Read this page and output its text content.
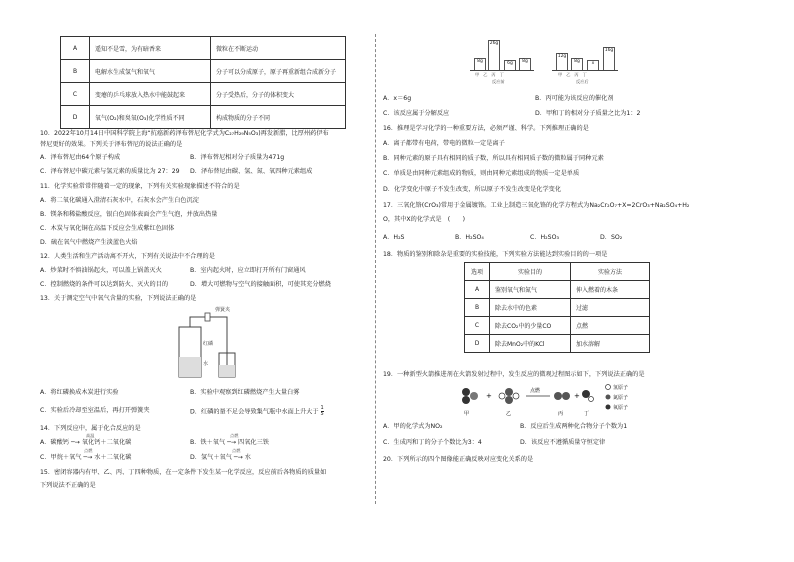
A	遥知不是雪，为有暗香来	微粒在不断运动
B	电解水生成氢气和氧气	分子可以分成原子，原子再重新组合成新分子
C	变瘪的乒乓球放入热水中能鼓起来	分子受热后，分子的体积变大
D	氧气(O₂)和臭氧(O₃)化学性质不同	构成物质的分子不同
10．2022年10月14日中国科学院上海“抗癌新药泽布替尼化学式为C₂₇H₂₉N₅O₃)再发新腊，比厚州药伊布
替尼更好的效果。下列关于泽布替尼的说法正确的是
A．泽布替尼由64个原子构成	B．泽布替尼相对分子质量为471g
C．泽布替尼中碳元素与氢元素的质量比为 27：29 D．泽布替尼由碳、氢、氮、氧四种元素组成
11．化学实验常常伴随着一定的现象，下列有关实验现象描述不符合的是
A．将二氧化碳通入澄清石灰水中，石灰水会产生白色沉淀
B．镁条和稀盐酸反应，银白色固体表面会产生气泡，并放出热量
C．木炭与氧化铜在高温下反应会生成紫红色固体
D．硫在氧气中燃烧产生淡蓝色火焰
12．人类生活和生产活动离不开火，下列有关说法中不合理的是
A．炒菜时不慎油锅起火，可以盖上锅盖灭火	B．室内起火时，应立即打开所有门窗通风
C．控制燃烧的条件可以达到防火、灭火的目的	D．增大可燃物与空气的接触面积，可使其充分燃烧
13．关于测定空气中氧气含量的实验，下列说法正确的是
弹簧夹
红磷
水
A．将红磷换成木炭进行实验	B．实验中观察到红磷燃烧产生大量白雾
C．实验后冷却至室温后，再打开弹簧夹	D．红磷的量不足会导致集气瓶中水面上升大于 $\frac{1}{5}$
14．下列反应中，属于化合反应的是
A．碳酸钙 ─→ 氧化钙＋二氧化碳
高温
B．铁＋氧气 ─→ 四氧化三铁
点燃
C．甲烷＋氧气 ─→ 水＋二氧化碳
点燃
D．氢气＋氧气 ─→ 水
点燃
15．密闭容器内有甲、乙、丙、丁四种物质，在一定条件下发生某一化学反应，反应前后各物质的质量如
下列说法不正确的是
8g
26g
6g	8g
甲 乙 丙 丁
反应前
12g
8g	x
16g
甲 乙 丙 丁
反应后
A．x＝6g	B．丙可能为该反应的催化剂
C．该反应属于分解反应	D．甲和丁的相对分子质量之比为1：2
16．推理是学习化学的一种重要方法，必须严谨、科学。下列推理正确的是
A．离子都带有电荷，带电的微粒一定是离子
B．同种元素的原子具有相同的质子数，所以具有相同质子数的微粒属于同种元素
C．单质是由同种元素组成的物质，则由同种元素组成的物质一定是单质
D．化学变化中原子不发生改变，所以原子不发生改变是化学变化
17．三氧化铬(CrO₃)常用于金属镀铬。工业上制造三氧化铬的化学方程式为Na₂Cr₂O₇+X=2CrO₃+Na₂SO₄+H₂
O，其中X的化学式是　(　　)
A．H₂S	B．H₂SO₄	C．H₂SO₃	D．SO₂
18．物质的鉴别和除杂是重要的实验技能，下列实验方法能达到实验目的的一项是
选项	实验目的	实验方法
A	鉴别氧气和氮气	伸入燃着的木条
B	除去水中的色素	过滤
C	除去CO₂中的少量CO	点燃
D	除去MnO₂中的KCl	加水溶解
19．一种新型火箭推进剂在火箭发射过程中，发生反应的微观过程图示如下，下列说法正确的是
+
点燃
+
甲	乙	丙	丁
氢原子
氮原子
氧原子
A．甲的化学式为NO₂	B．反应后生成两种化合物分子个数为1
C．生成丙和丁的分子个数比为3：4	D．该反应不遵循质量守恒定律
20．下列所示的四个图像能正确反映对应变化关系的是
